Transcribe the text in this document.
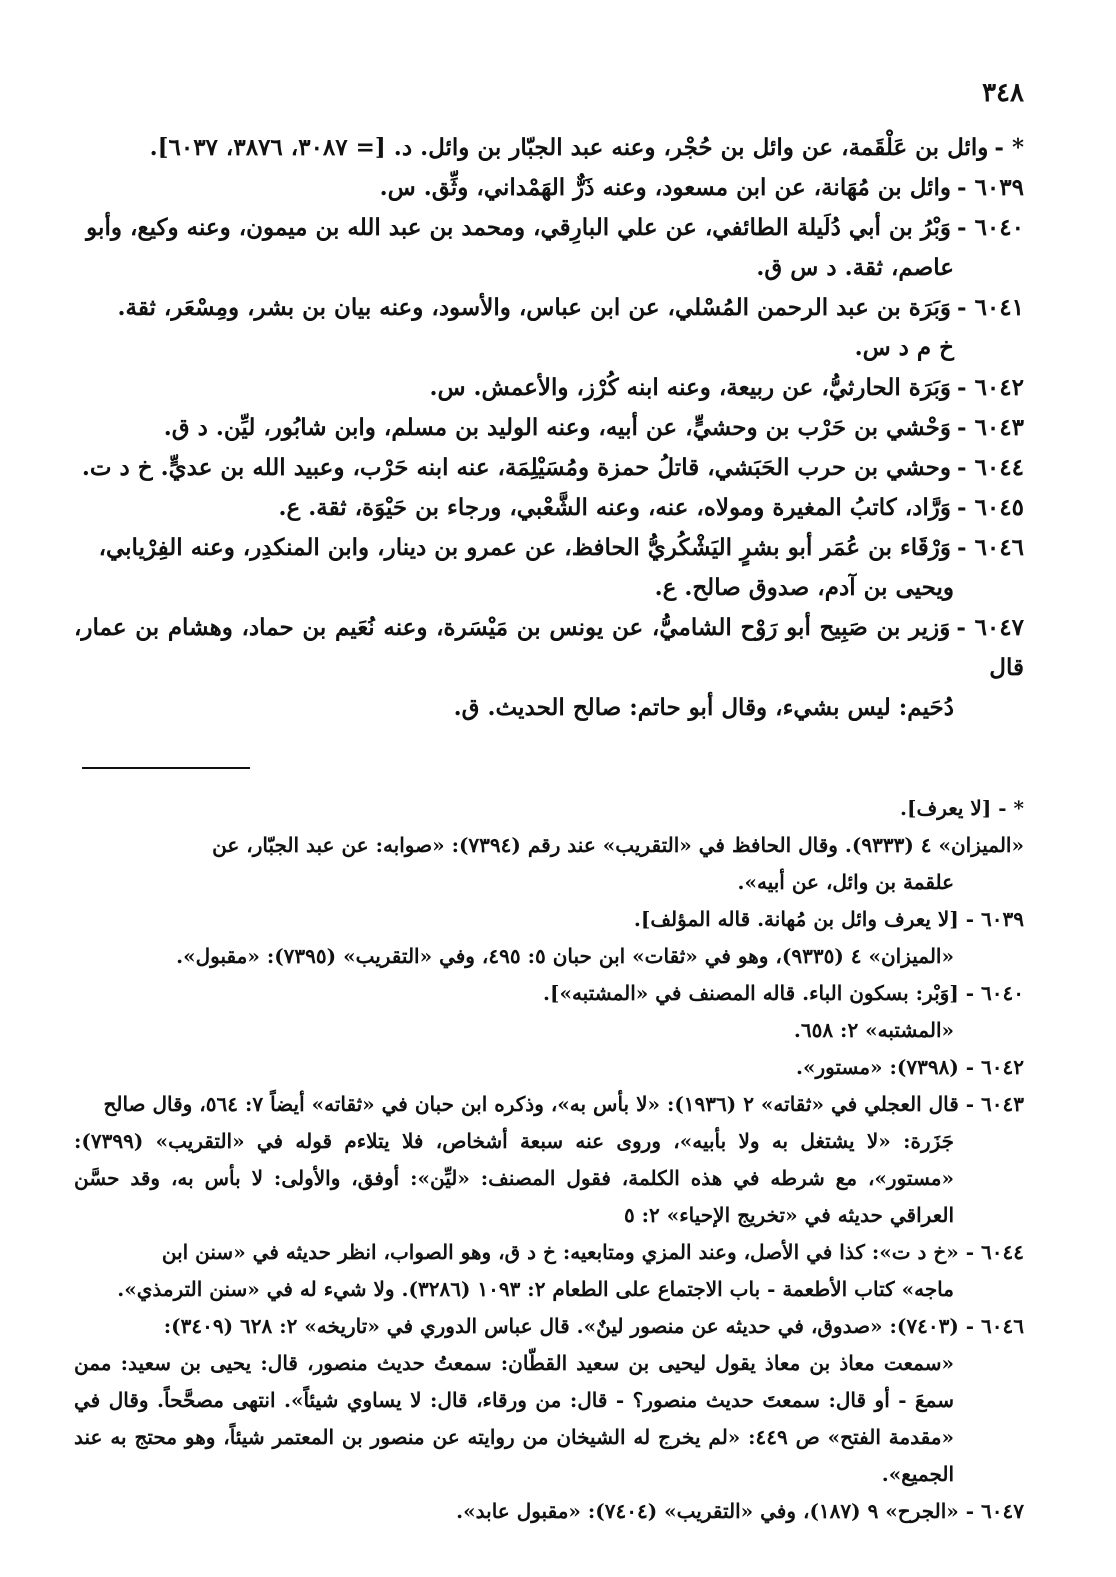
٣٤٨
* -وائل بن عَلْقَمة، عن وائل بن حُجْر، وعنه عبد الجبّار بن وائل. د. [= ٣٠٨٧، ٣٨٧٦، ٦٠٣٧].
٦٠٣٩ -وائل بن مُهَانة، عن ابن مسعود، وعنه ذَرٌّ الهَمْداني، وثِّق. س.
٦٠٤٠ -وَبْرُ بن أبي دُلَيلة الطائفي، عن علي البارِقي، ومحمد بن عبد الله بن ميمون، وعنه وكيع، وأبو
عاصم، ثقة. د س ق.
٦٠٤١ -وَبَرَة بن عبد الرحمن المُسْلي، عن ابن عباس، والأسود، وعنه بيان بن بشر، ومِسْعَر، ثقة.
خ م د س.
٦٠٤٢ -وَبَرَة الحارثيُّ، عن ربيعة، وعنه ابنه كُرْز، والأعمش. س.
٦٠٤٣ -وَحْشي بن حَرْب بن وحشيٍّ، عن أبيه، وعنه الوليد بن مسلم، وابن شابُور، ليِّن. د ق.
٦٠٤٤ -وحشي بن حرب الحَبَشي، قاتلُ حمزة ومُسَيْلِمَة، عنه ابنه حَرْب، وعبيد الله بن عديٍّ. خ د ت.
٦٠٤٥ -وَرَّاد، كاتبُ المغيرة ومولاه، عنه، وعنه الشَّعْبي، ورجاء بن حَيْوَة، ثقة. ع.
٦٠٤٦ -وَرْقَاء بن عُمَر أبو بشرٍ اليَشْكُريُّ الحافظ، عن عمرو بن دينار، وابن المنكدِر، وعنه الفِرْيابي،
ويحيى بن آدم، صدوق صالح. ع.
٦٠٤٧ -وَزير بن صَبِيح أبو رَوْح الشاميُّ، عن يونس بن مَيْسَرة، وعنه نُعَيم بن حماد، وهشام بن عمار، قال
دُحَيم: ليس بشيء، وقال أبو حاتم: صالح الحديث. ق.
* - [لا يعرف].
«الميزان» ٤ (٩٣٣٣). وقال الحافظ في «التقريب» عند رقم (٧٣٩٤): «صوابه: عن عبد الجبّار، عن
علقمة بن وائل، عن أبيه».
٦٠٣٩ - [لا يعرف وائل بن مُهانة. قاله المؤلف].
«الميزان» ٤ (٩٣٣٥)، وهو في «ثقات» ابن حبان ٥: ٤٩٥، وفي «التقريب» (٧٣٩٥): «مقبول».
٦٠٤٠ - [وَبْر: بسكون الباء. قاله المصنف في «المشتبه»].
«المشتبه» ٢: ٦٥٨.
٦٠٤٢ - (٧٣٩٨): «مستور».
٦٠٤٣ - قال العجلي في «ثقاته» ٢ (١٩٣٦): «لا بأس به»، وذكره ابن حبان في «ثقاته» أيضاً ٧: ٥٦٤، وقال صالح
جَزَرة: «لا يشتغل به ولا بأبيه»، وروى عنه سبعة أشخاص، فلا يتلاءم قوله في «التقريب» (٧٣٩٩): «مستور»، مع شرطه في هذه الكلمة، فقول المصنف: «ليِّن»: أوفق، والأولى: لا بأس به، وقد حسَّن العراقي حديثه في «تخريج الإحياء» ٢: ٥
٦٠٤٤ - «خ د ت»: كذا في الأصل، وعند المزي ومتابعيه: خ د ق، وهو الصواب، انظر حديثه في «سنن ابن
ماجه» كتاب الأطعمة - باب الاجتماع على الطعام ٢: ١٠٩٣ (٣٢٨٦). ولا شيء له في «سنن الترمذي».
٦٠٤٦ - (٧٤٠٣): «صدوق، في حديثه عن منصور لينٌ». قال عباس الدوري في «تاريخه» ٢: ٦٢٨ (٣٤٠٩):
«سمعت معاذ بن معاذ يقول ليحيى بن سعيد القطّان: سمعتُ حديث منصور، قال: يحيى بن سعيد: ممن سمعَ - أو قال: سمعتَ حديث منصور؟ - قال: من ورقاء، قال: لا يساوي شيئاً». انتهى مصحَّحاً. وقال في «مقدمة الفتح» ص ٤٤٩: «لم يخرج له الشيخان من روايته عن منصور بن المعتمر شيئاً، وهو محتج به عند الجميع».
٦٠٤٧ - «الجرح» ٩ (١٨٧)، وفي «التقريب» (٧٤٠٤): «مقبول عابد».
